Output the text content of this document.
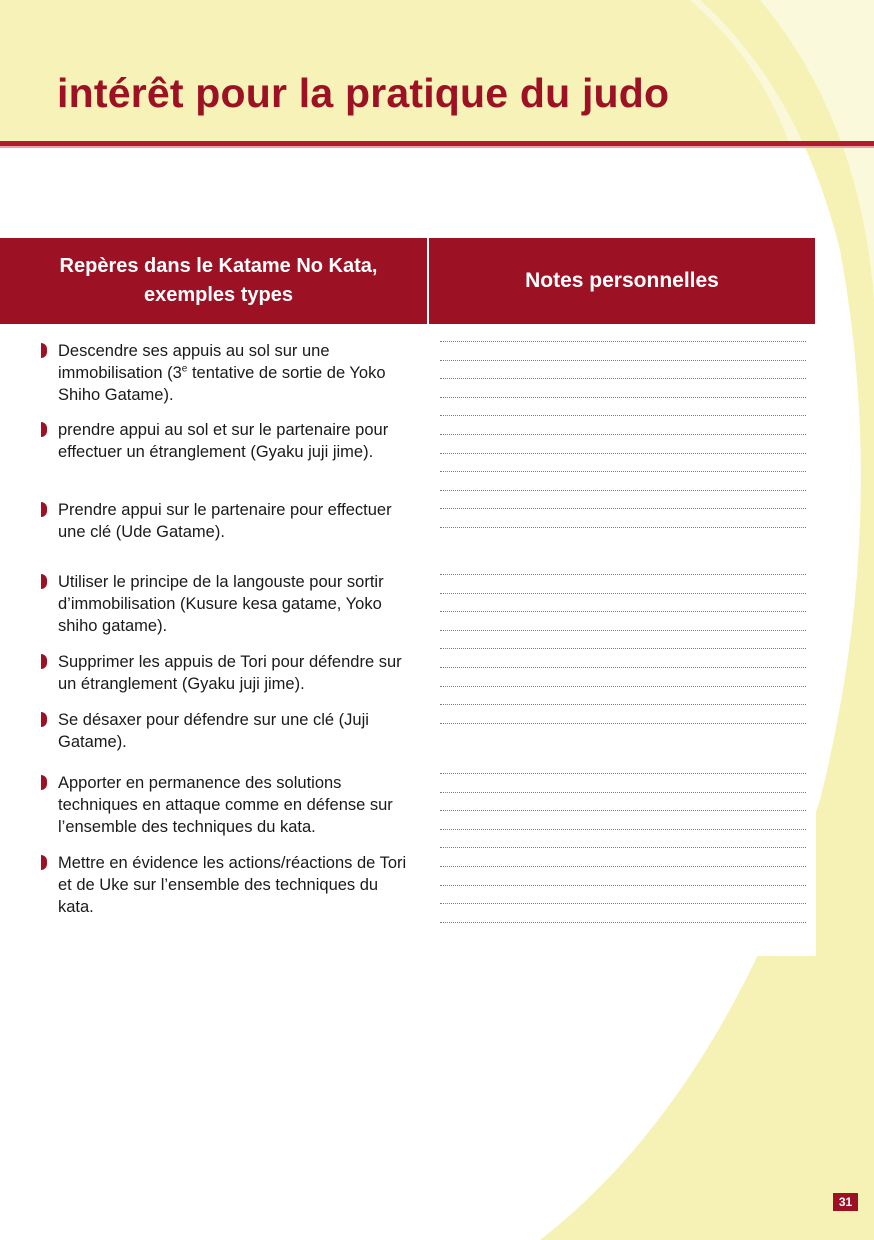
intérêt pour la pratique du judo
Repères dans le Katame No Kata, exemples types
Notes personnelles
Descendre ses appuis au sol sur une immobilisation (3e tentative de sortie de Yoko Shiho Gatame).
prendre appui au sol et sur le partenaire pour effectuer un étranglement (Gyaku juji jime).
Prendre appui sur le partenaire pour effectuer une clé (Ude Gatame).
Utiliser le principe de la langouste pour sortir d’immobilisation (Kusure kesa gatame, Yoko shiho gatame).
Supprimer les appuis de Tori pour défendre sur un étranglement (Gyaku juji jime).
Se désaxer pour défendre sur une clé (Juji Gatame).
Apporter en permanence des solutions techniques en attaque comme en défense sur l’ensemble des techniques du kata.
Mettre en évidence les actions/réactions de Tori et de Uke sur l’ensemble des techniques du kata.
31
